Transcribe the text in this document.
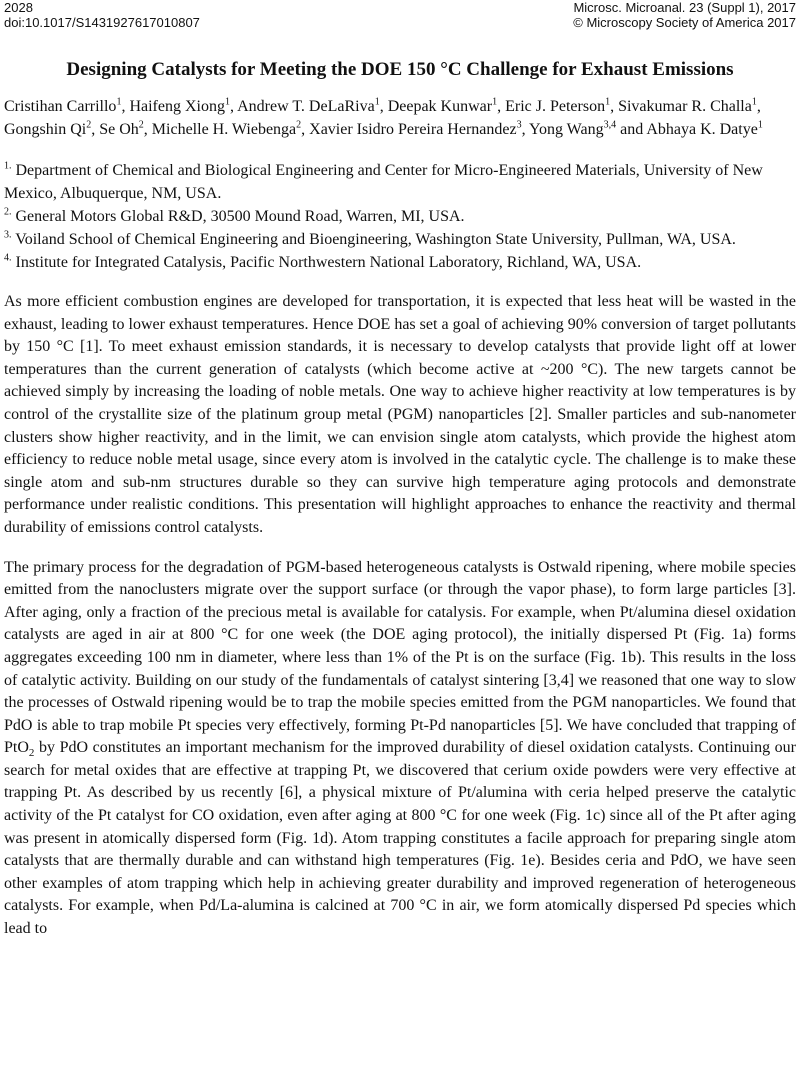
2028
doi:10.1017/S1431927617010807
Microsc. Microanal. 23 (Suppl 1), 2017
© Microscopy Society of America 2017
Designing Catalysts for Meeting the DOE 150 °C Challenge for Exhaust Emissions
Cristihan Carrillo$^1$, Haifeng Xiong$^1$, Andrew T. DeLaRiva$^1$, Deepak Kunwar$^1$, Eric J. Peterson$^1$, Sivakumar R. Challa$^1$, Gongshin Qi$^2$, Se Oh$^2$, Michelle H. Wiebenga$^2$, Xavier Isidro Pereira Hernandez$^3$, Yong Wang$^{3,4}$ and Abhaya K. Datye$^1$

$^{1.}$ Department of Chemical and Biological Engineering and Center for Micro-Engineered Materials, University of New Mexico, Albuquerque, NM, USA.

$^{2.}$ General Motors Global R&D, 30500 Mound Road, Warren, MI, USA.

$^{3.}$ Voiland School of Chemical Engineering and Bioengineering, Washington State University, Pullman, WA, USA.

$^{4.}$ Institute for Integrated Catalysis, Pacific Northwestern National Laboratory, Richland, WA, USA.

As more efficient combustion engines are developed for transportation, it is expected that less heat will be wasted in the exhaust, leading to lower exhaust temperatures. Hence DOE has set a goal of achieving 90% conversion of target pollutants by 150 °C [1]. To meet exhaust emission standards, it is necessary to develop catalysts that provide light off at lower temperatures than the current generation of catalysts (which become active at ~200 °C). The new targets cannot be achieved simply by increasing the loading of noble metals. One way to achieve higher reactivity at low temperatures is by control of the crystallite size of the platinum group metal (PGM) nanoparticles [2]. Smaller particles and sub-nanometer clusters show higher reactivity, and in the limit, we can envision single atom catalysts, which provide the highest atom efficiency to reduce noble metal usage, since every atom is involved in the catalytic cycle. The challenge is to make these single atom and sub-nm structures durable so they can survive high temperature aging protocols and demonstrate performance under realistic conditions. This presentation will highlight approaches to enhance the reactivity and thermal durability of emissions control catalysts.

The primary process for the degradation of PGM-based heterogeneous catalysts is Ostwald ripening, where mobile species emitted from the nanoclusters migrate over the support surface (or through the vapor phase), to form large particles [3]. After aging, only a fraction of the precious metal is available for catalysis. For example, when Pt/alumina diesel oxidation catalysts are aged in air at 800 °C for one week (the DOE aging protocol), the initially dispersed Pt (Fig. 1a) forms aggregates exceeding 100 nm in diameter, where less than 1% of the Pt is on the surface (Fig. 1b). This results in the loss of catalytic activity. Building on our study of the fundamentals of catalyst sintering [3,4] we reasoned that one way to slow the processes of Ostwald ripening would be to trap the mobile species emitted from the PGM nanoparticles. We found that PdO is able to trap mobile Pt species very effectively, forming Pt-Pd nanoparticles [5]. We have concluded that trapping of PtO$_2$ by PdO constitutes an important mechanism for the improved durability of diesel oxidation catalysts. Continuing our search for metal oxides that are effective at trapping Pt, we discovered that cerium oxide powders were very effective at trapping Pt. As described by us recently [6], a physical mixture of Pt/alumina with ceria helped preserve the catalytic activity of the Pt catalyst for CO oxidation, even after aging at 800 °C for one week (Fig. 1c) since all of the Pt after aging was present in atomically dispersed form (Fig. 1d). Atom trapping constitutes a facile approach for preparing single atom catalysts that are thermally durable and can withstand high temperatures (Fig. 1e). Besides ceria and PdO, we have seen other examples of atom trapping which help in achieving greater durability and improved regeneration of heterogeneous catalysts. For example, when Pd/La-alumina is calcined at 700 °C in air, we form atomically dispersed Pd species which lead to
